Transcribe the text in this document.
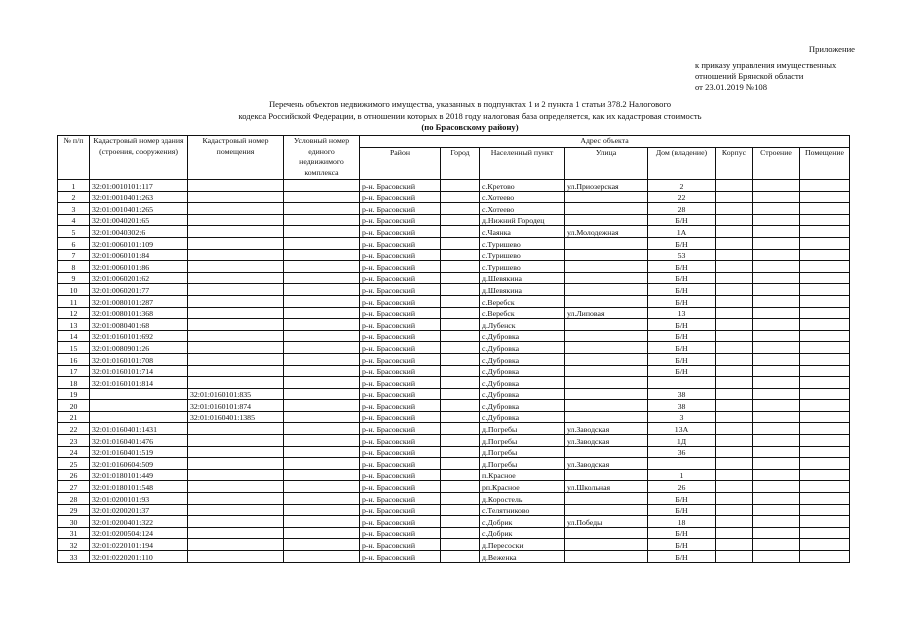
Приложение
к приказу управления имущественных
отношений Брянской области
от 23.01.2019 №108
Перечень объектов недвижимого имущества, указанных в подпунктах 1 и 2 пункта 1 статьи 378.2 Налогового
кодекса Российской Федерации, в отношении которых в 2018 году налоговая база определяется, как их кадастровая стоимость
(по Брасовскому району)
№ п/п	Кадастровый номер здания (строения, сооружения)	Кадастровый номер помещения	Условный номер единого недвижимого комплекса	Адрес объекта							
				Район	Город	Населенный пункт	Улица	Дом (владение)	Корпус	Строение	Помещение
1	32:01:0010101:117			р-н. Брасовский		с.Кретово	ул.Приозерская	2			
2	32:01:0010401:263			р-н. Брасовский		с.Хотеево		22			
3	32:01:0010401:265			р-н. Брасовский		с.Хотеево		28			
4	32:01:0040201:65			р-н. Брасовский		д.Нижний Городец		Б/Н			
5	32:01:0040302:6			р-н. Брасовский		с.Чаянка	ул.Молодежная	1А			
6	32:01:0060101:109			р-н. Брасовский		с.Туришево		Б/Н			
7	32:01:0060101:84			р-н. Брасовский		с.Туришево		53			
8	32:01:0060101:86			р-н. Брасовский		с.Туришево		Б/Н			
9	32:01:0060201:62			р-н. Брасовский		д.Шевякина		Б/Н			
10	32:01:0060201:77			р-н. Брасовский		д.Шевякина		Б/Н			
11	32:01:0080101:287			р-н. Брасовский		с.Веребск		Б/Н			
12	32:01:0080101:368			р-н. Брасовский		с.Веребск	ул.Липовая	13			
13	32:01:0080401:68			р-н. Брасовский		д.Лубенск		Б/Н			
14	32:01:0160101:692			р-н. Брасовский		с.Дубровка		Б/Н			
15	32:01:0080901:26			р-н. Брасовский		с.Дубровка		Б/Н			
16	32:01:0160101:708			р-н. Брасовский		с.Дубровка		Б/Н			
17	32:01:0160101:714			р-н. Брасовский		с.Дубровка		Б/Н			
18	32:01:0160101:814			р-н. Брасовский		с.Дубровка					
19		32:01:0160101:835		р-н. Брасовский		с.Дубровка		38			
20		32:01:0160101:874		р-н. Брасовский		с.Дубровка		38			
21		32:01:0160401:1385		р-н. Брасовский		с.Дубровка		3			
22	32:01:0160401:1431			р-н. Брасовский		д.Погребы	ул.Заводская	13А			
23	32:01:0160401:476			р-н. Брасовский		д.Погребы	ул.Заводская	1Д			
24	32:01:0160401:519			р-н. Брасовский		д.Погребы		36			
25	32:01:0160604:509			р-н. Брасовский		д.Погребы	ул.Заводская				
26	32:01:0180101:449			р-н. Брасовский		п.Красное		1			
27	32:01:0180101:548			р-н. Брасовский		рп.Красное	ул.Школьная	26			
28	32:01:0200101:93			р-н. Брасовский		д.Коростель		Б/Н			
29	32:01:0200201:37			р-н. Брасовский		с.Телятниково		Б/Н			
30	32:01:0200401:322			р-н. Брасовский		с.Добрик	ул.Победы	18			
31	32:01:0200504:124			р-н. Брасовский		с.Добрик		Б/Н			
32	32:01:0220101:194			р-н. Брасовский		д.Пересоски		Б/Н			
33	32:01:0220201:110			р-н. Брасовский		д.Веженка		Б/Н			
